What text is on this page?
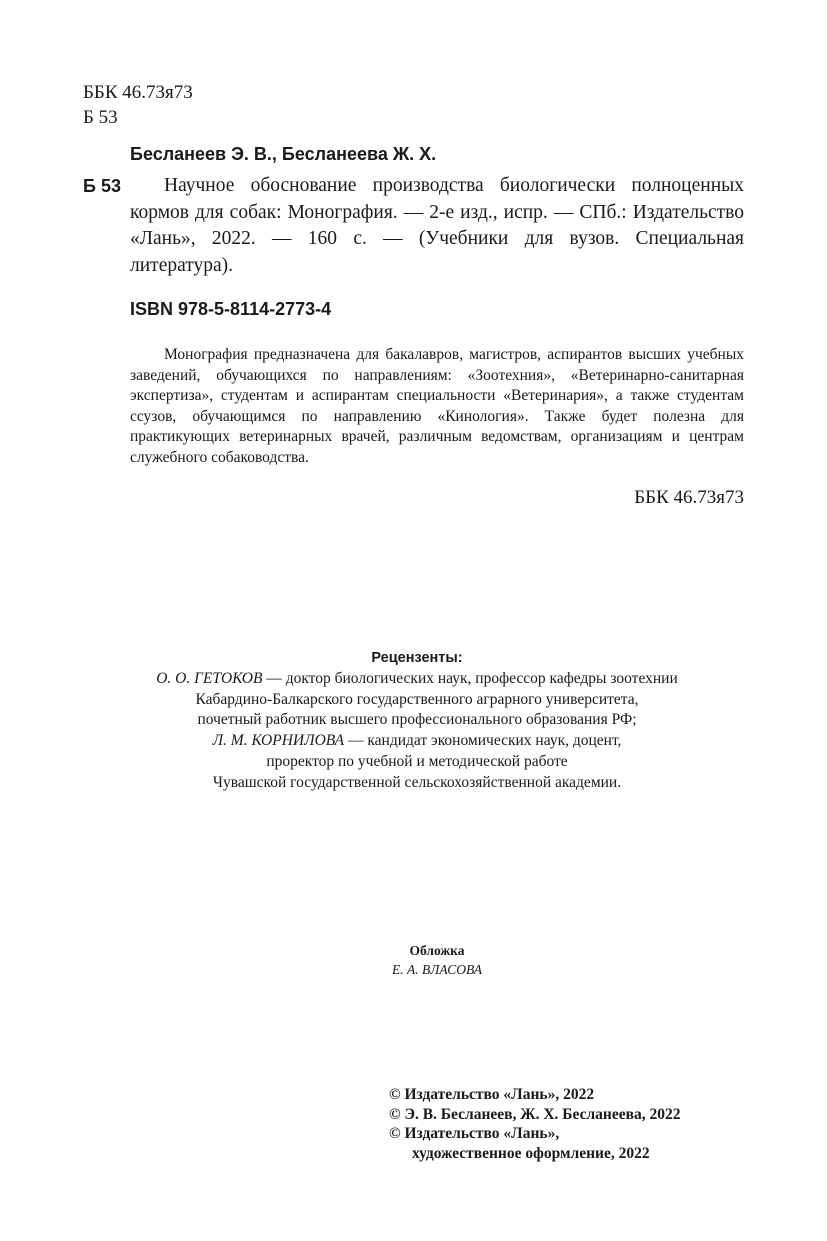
ББК 46.73я73
Б 53
Бесланеев Э. В., Бесланеева Ж. Х.
Б 53	Научное обоснование производства биологически полноценных кормов для собак: Монография. — 2-е изд., испр. — СПб.: Издательство «Лань», 2022. — 160 с. — (Учебники для вузов. Специальная литература).
ISBN 978-5-8114-2773-4
Монография предназначена для бакалавров, магистров, аспирантов высших учебных заведений, обучающихся по направлениям: «Зоотехния», «Ветеринарно-санитарная экспертиза», студентам и аспирантам специальности «Ветеринария», а также студентам ссузов, обучающимся по направлению «Кинология». Также будет полезна для практикующих ветеринарных врачей, различным ведомствам, организациям и центрам служебного собаководства.
ББК 46.73я73
Рецензенты:
О. О. ГЕТОКОВ — доктор биологических наук, профессор кафедры зоотехнии
Кабардино-Балкарского государственного аграрного университета,
почетный работник высшего профессионального образования РФ;
Л. М. КОРНИЛОВА — кандидат экономических наук, доцент,
проректор по учебной и методической работе
Чувашской государственной сельскохозяйственной академии.
Обложка
Е. А. ВЛАСОВА
© Издательство «Лань», 2022
© Э. В. Бесланеев, Ж. Х. Бесланеева, 2022
© Издательство «Лань»,
художественное оформление, 2022
